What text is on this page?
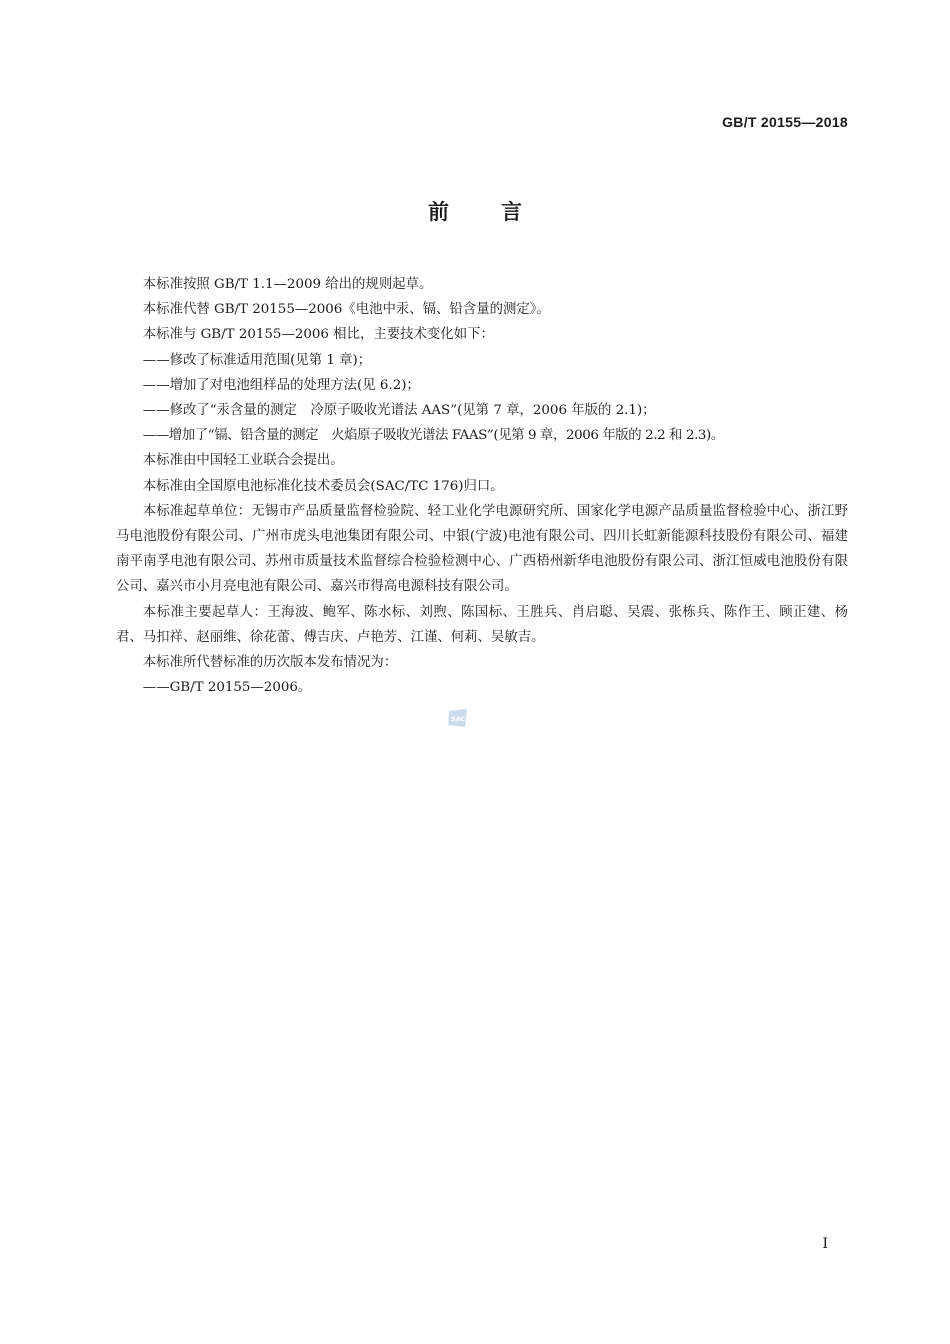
GB/T 20155—2018
前言

本标准按照 GB/T 1.1—2009 给出的规则起草。

本标准代替 GB/T 20155—2006《电池中汞、镉、铅含量的测定》。

本标准与 GB/T 20155—2006 相比，主要技术变化如下：

——修改了标准适用范围(见第 1 章)；

——增加了对电池组样品的处理方法(见 6.2)；

——修改了“汞含量的测定　冷原子吸收光谱法 AAS”(见第 7 章，2006 年版的 2.1)；

——增加了“镉、铅含量的测定　火焰原子吸收光谱法 FAAS”(见第 9 章，2006 年版的 2.2 和 2.3)。

本标准由中国轻工业联合会提出。

本标准由全国原电池标准化技术委员会(SAC/TC 176)归口。

本标准起草单位：无锡市产品质量监督检验院、轻工业化学电源研究所、国家化学电源产品质量监督检验中心、浙江野马电池股份有限公司、广州市虎头电池集团有限公司、中银(宁波)电池有限公司、四川长虹新能源科技股份有限公司、福建南平南孚电池有限公司、苏州市质量技术监督综合检验检测中心、广西梧州新华电池股份有限公司、浙江恒威电池股份有限公司、嘉兴市小月亮电池有限公司、嘉兴市得高电源科技有限公司。

本标准主要起草人：王海波、鲍军、陈水标、刘煦、陈国标、王胜兵、肖启聪、吴震、张栋兵、陈作王、顾正建、杨君、马扣祥、赵丽维、徐花蕾、傅吉庆、卢艳芳、江谨、何莉、吴敏吉。

本标准所代替标准的历次版本发布情况为：

——GB/T 20155—2006。

SAC
I
